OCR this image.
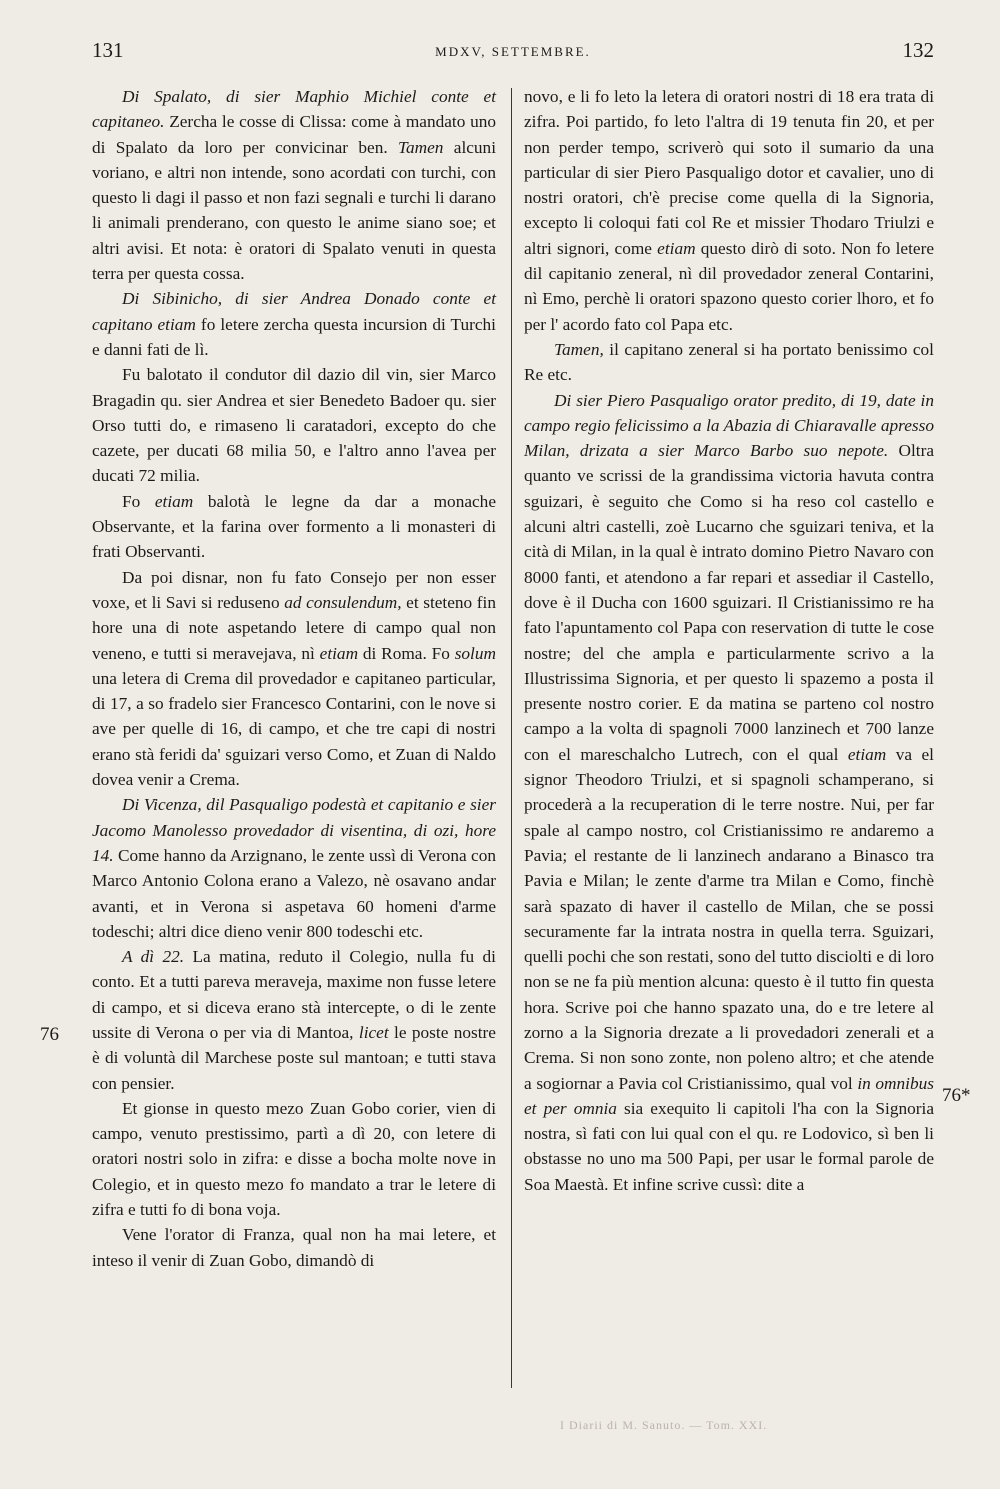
131	MDXV, SETTEMBRE.	132

Di Spalato, di sier Maphio Michiel conte et capitaneo. Zercha le cosse di Clissa: come à mandato uno di Spalato da loro per convicinar ben. Tamen alcuni voriano, e altri non intende, sono acordati con turchi, con questo li dagi il passo et non fazi segnali e turchi li darano li animali prenderano, con questo le anime siano soe; et altri avisi. Et nota: è oratori di Spalato venuti in questa terra per questa cossa.

Di Sibinicho, di sier Andrea Donado conte et capitano etiam fo letere zercha questa incursion di Turchi e danni fati de lì.

Fu balotato il condutor dil dazio dil vin, sier Marco Bragadin qu. sier Andrea et sier Benedeto Badoer qu. sier Orso tutti do, e rimaseno li caratadori, excepto do che cazete, per ducati 68 milia 50, e l'altro anno l'avea per ducati 72 milia.

Fo etiam balotà le legne da dar a monache Observante, et la farina over formento a li monasteri di frati Observanti.

Da poi disnar, non fu fato Consejo per non esser voxe, et li Savi si reduseno ad consulendum, et steteno fin hore una di note aspetando letere di campo qual non veneno, e tutti si meravejava, nì etiam di Roma. Fo solum una letera di Crema dil provedador e capitaneo particular, di 17, a so fradelo sier Francesco Contarini, con le nove si ave per quelle di 16, di campo, et che tre capi di nostri erano stà feridi da' sguizari verso Como, et Zuan di Naldo dovea venir a Crema.

Di Vicenza, dil Pasqualigo podestà et capitanio e sier Jacomo Manolesso provedador di visentina, di ozi, hore 14. Come hanno da Arzignano, le zente ussì di Verona con Marco Antonio Colona erano a Valezo, nè osavano andar avanti, et in Verona si aspetava 60 homeni d'arme todeschi; altri dice dieno venir 800 todeschi etc.

A dì 22. La matina, reduto il Colegio, nulla fu di conto. Et a tutti pareva meraveja, maxime non fusse letere di campo, et si diceva erano stà intercepte, o di le zente ussite di Verona o per via di Mantoa, licet le poste nostre è di voluntà dil Marchese poste sul mantoan; e tutti stava con pensier.

Et gionse in questo mezo Zuan Gobo corier, vien di campo, venuto prestissimo, partì a dì 20, con letere di oratori nostri solo in zifra: e disse a bocha molte nove in Colegio, et in questo mezo fo mandato a trar le letere di zifra e tutti fo di bona voja.

Vene l'orator di Franza, qual non ha mai letere, et inteso il venir di Zuan Gobo, dimandò di

novo, e li fo leto la letera di oratori nostri di 18 era trata di zifra. Poi partido, fo leto l'altra di 19 tenuta fin 20, et per non perder tempo, scriverò qui soto il sumario da una particular di sier Piero Pasqualigo dotor et cavalier, uno di nostri oratori, ch'è precise come quella di la Signoria, excepto li coloqui fati col Re et missier Thodaro Triulzi e altri signori, come etiam questo dirò di soto. Non fo letere dil capitanio zeneral, nì dil provedador zeneral Contarini, nì Emo, perchè li oratori spazono questo corier lhoro, et fo per l' acordo fato col Papa etc.

Tamen, il capitano zeneral si ha portato benissimo col Re etc.

Di sier Piero Pasqualigo orator predito, di 19, date in campo regio felicissimo a la Abazia di Chiaravalle apresso Milan, drizata a sier Marco Barbo suo nepote. Oltra quanto ve scrissi de la grandissima victoria havuta contra sguizari, è seguito che Como si ha reso col castello e alcuni altri castelli, zoè Lucarno che sguizari teniva, et la cità di Milan, in la qual è intrato domino Pietro Navaro con 8000 fanti, et atendono a far repari et assediar il Castello, dove è il Ducha con 1600 sguizari. Il Cristianissimo re ha fato l'apuntamento col Papa con reservation di tutte le cose nostre; del che ampla e particularmente scrivo a la Illustrissima Signoria, et per questo li spazemo a posta il presente nostro corier. E da matina se parteno col nostro campo a la volta di spagnoli 7000 lanzinech et 700 lanze con el mareschalcho Lutrech, con el qual etiam va el signor Theodoro Triulzi, et si spagnoli schamperano, si procederà a la recuperation di le terre nostre. Nui, per far spale al campo nostro, col Cristianissimo re andaremo a Pavia; el restante de li lanzinech andarano a Binasco tra Pavia e Milan; le zente d'arme tra Milan e Como, finchè sarà spazato di haver il castello de Milan, che se possi securamente far la intrata nostra in quella terra. Sguizari, quelli pochi che son restati, sono del tutto disciolti e di loro non se ne fa più mention alcuna: questo è il tutto fin questa hora. Scrive poi che hanno spazato una, do e tre letere al zorno a la Signoria drezate a li provedadori zenerali et a Crema. Si non sono zonte, non poleno altro; et che atende a sogiornar a Pavia col Cristianissimo, qual vol in omnibus et per omnia sia exequito li capitoli l'ha con la Signoria nostra, sì fati con lui qual con el qu. re Lodovico, sì ben li obstasse no uno ma 500 Papi, per usar le formal parole de Soa Maestà. Et infine scrive cussì: dite a

76
76*
I Diarii di M. Sanuto. — Tom. XXI.
